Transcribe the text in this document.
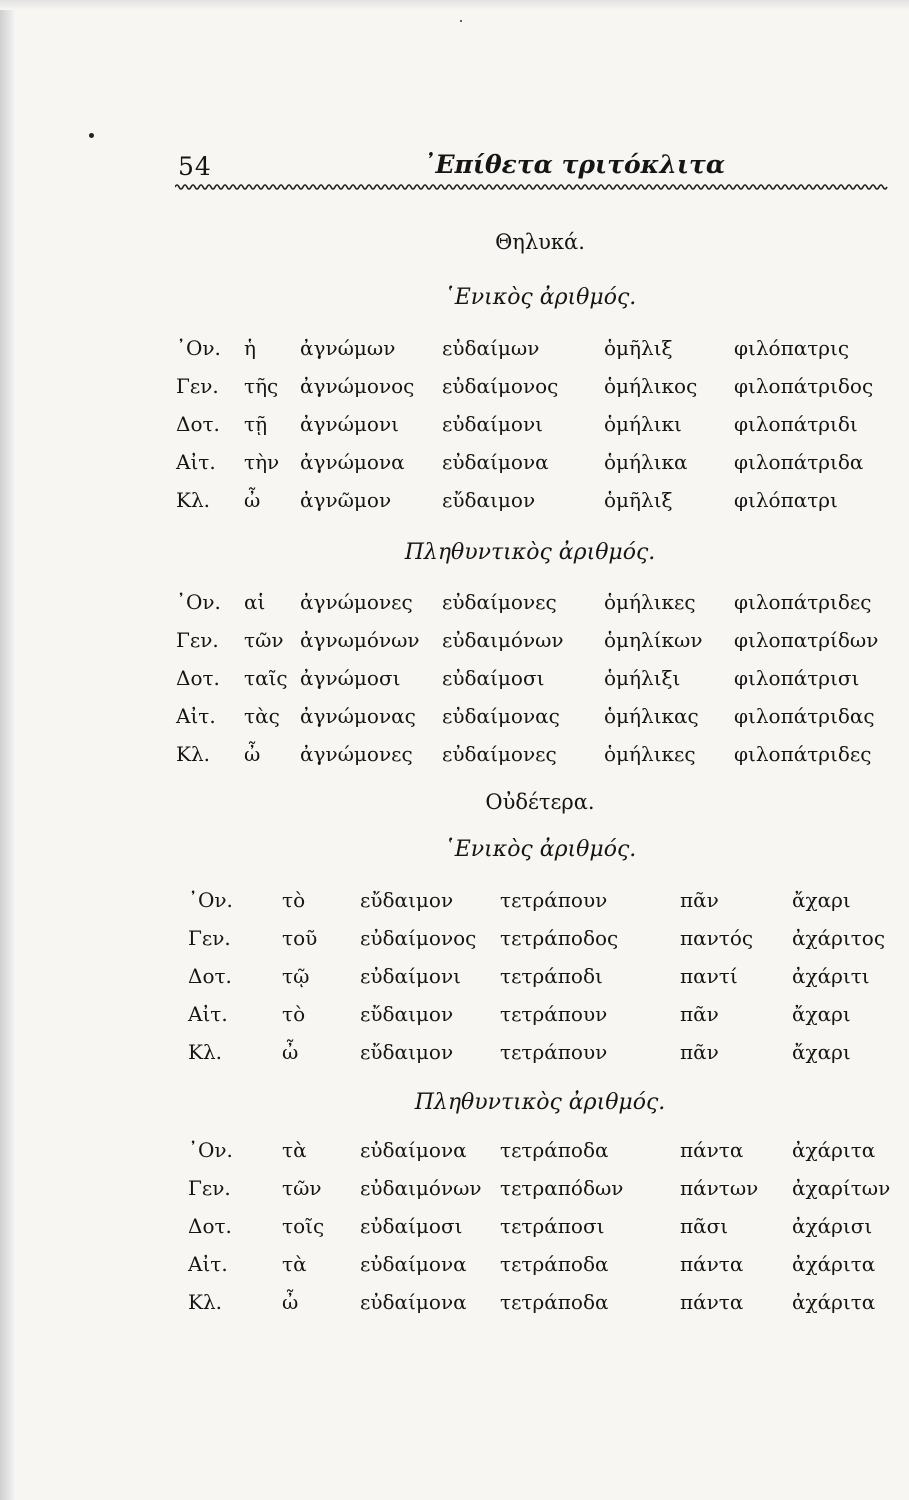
54	᾽Επίθετα τριτόκλιτα
Θηλυκά.
῾Ενικὸς ἀριθμός.
᾽Ον. ἡ ἀγνώμων εὐδαίμων	ὁμῆλιξ	φιλόπατρις
Γεν. τῆς ἀγνώμονος εὐδαίμονος ὁμήλικος φιλοπάτριδος
Δοτ. τῇ ἀγνώμονι εὐδαίμονι	ὁμήλικι	φιλοπάτριδι
Αἰτ. τὴν ἀγνώμονα εὐδαίμονα	ὁμήλικα φιλοπάτριδα
Κλ. ὦ ἀγνῶμον	εὔδαιμον	ὁμῆλιξ	φιλόπατρι
Πληθυντικὸς ἀριθμός.
᾽Ον. αἱ ἀγνώμονες εὐδαίμονες ὁμήλικες φιλοπάτριδες
Γεν. τῶν ἀγνωμόνων εὐδαιμόνων ὁμηλίκων φιλοπατρίδων
Δοτ. ταῖς ἀγνώμοσι εὐδαίμοσι	ὁμήλιξι	φιλοπάτρισι
Αἰτ. τὰς ἀγνώμονας εὐδαίμονας ὁμήλικας φιλοπάτριδας
Κλ. ὦ ἀγνώμονες εὐδαίμονες ὁμήλικες φιλοπάτριδες
Οὐδέτερα.
῾Ενικὸς ἀριθμός.
᾽Ον. τὸ	εὔδαιμον τετράπουν	πᾶν	ἄχαρι
Γεν.	τοῦ εὐδαίμονος τετράποδος	παντός ἀχάριτος
Δοτ.	τῷ	εὐδαίμονι τετράποδι	παντί	ἀχάριτι
Αἰτ.	τὸ	εὔδαιμον τετράπουν	πᾶν	ἄχαρι
Κλ.	ὦ	εὔδαιμον τετράπουν	πᾶν	ἄχαρι
Πληθυντικὸς ἀριθμός.
᾽Ον. τὰ	εὐδαίμονα τετράποδα	πάντα ἀχάριτα
Γεν.	τῶν εὐδαιμόνων τετραπόδων	πάντων ἀχαρίτων
Δοτ.	τοῖς εὐδαίμοσι τετράποσι	πᾶσι	ἀχάρισι
Αἰτ.	τὰ	εὐδαίμονα τετράποδα	πάντα ἀχάριτα
Κλ.	ὦ	εὐδαίμονα τετράποδα	πάντα ἀχάριτα
